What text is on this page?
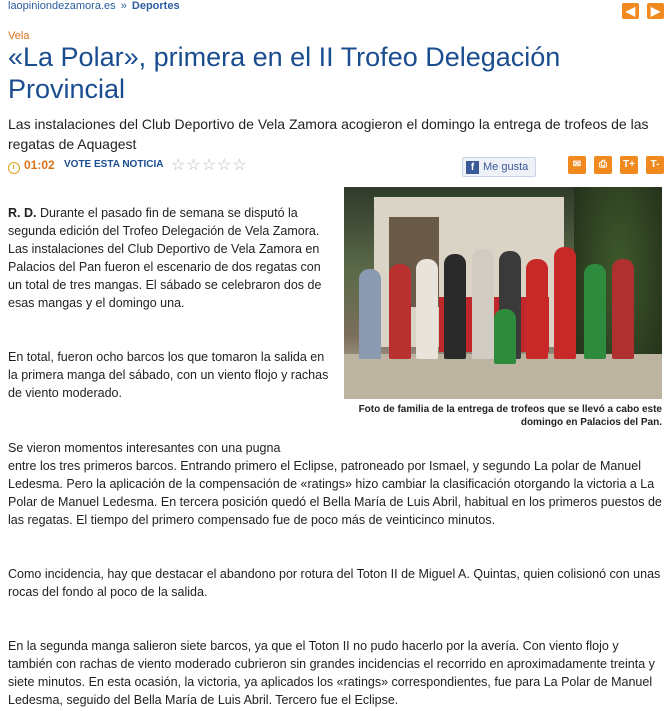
laopiniondezamora.es » Deportes	◀	▶
Vela
«La Polar», primera en el II Trofeo Delegación Provincial

Las instalaciones del Club Deportivo de Vela Zamora acogieron el domingo la entrega de trofeos de las regatas de Aquagest

01:02 VOTE ESTA NOTICIA ☆ ☆ ☆ ☆ ☆	f Me gusta	✉	⎙	T+	T-
Foto de familia de la entrega de trofeos que se llevó a cabo este domingo en Palacios del Pan.
R. D. Durante el pasado fin de semana se disputó la segunda edición del Trofeo Delegación de Vela Zamora. Las instalaciones del Club Deportivo de Vela Zamora en Palacios del Pan fueron el escenario de dos regatas con un total de tres mangas. El sábado se celebraron dos de esas mangas y el domingo una.
En total, fueron ocho barcos los que tomaron la salida en la primera manga del sábado, con un viento flojo y rachas de viento moderado.
Se vieron momentos interesantes con una pugna
entre los tres primeros barcos. Entrando primero el Eclipse, patroneado por Ismael, y segundo La polar de Manuel Ledesma. Pero la aplicación de la compensación de «ratings» hizo cambiar la clasificación otorgando la victoria a La Polar de Manuel Ledesma. En tercera posición quedó el Bella María de Luis Abril, habitual en los primeros puestos de las regatas. El tiempo del primero compensado fue de poco más de veinticinco minutos.
Como incidencia, hay que destacar el abandono por rotura del Toton II de Miguel A. Quintas, quien colisionó con unas rocas del fondo al poco de la salida.
En la segunda manga salieron siete barcos, ya que el Toton II no pudo hacerlo por la avería. Con viento flojo y también con rachas de viento moderado cubrieron sin grandes incidencias el recorrido en aproximadamente treinta y siete minutos. En esta ocasión, la victoria, ya aplicados los «ratings» correspondientes, fue para La Polar de Manuel Ledesma, seguido del Bella María de Luis Abril. Tercero fue el Eclipse.
